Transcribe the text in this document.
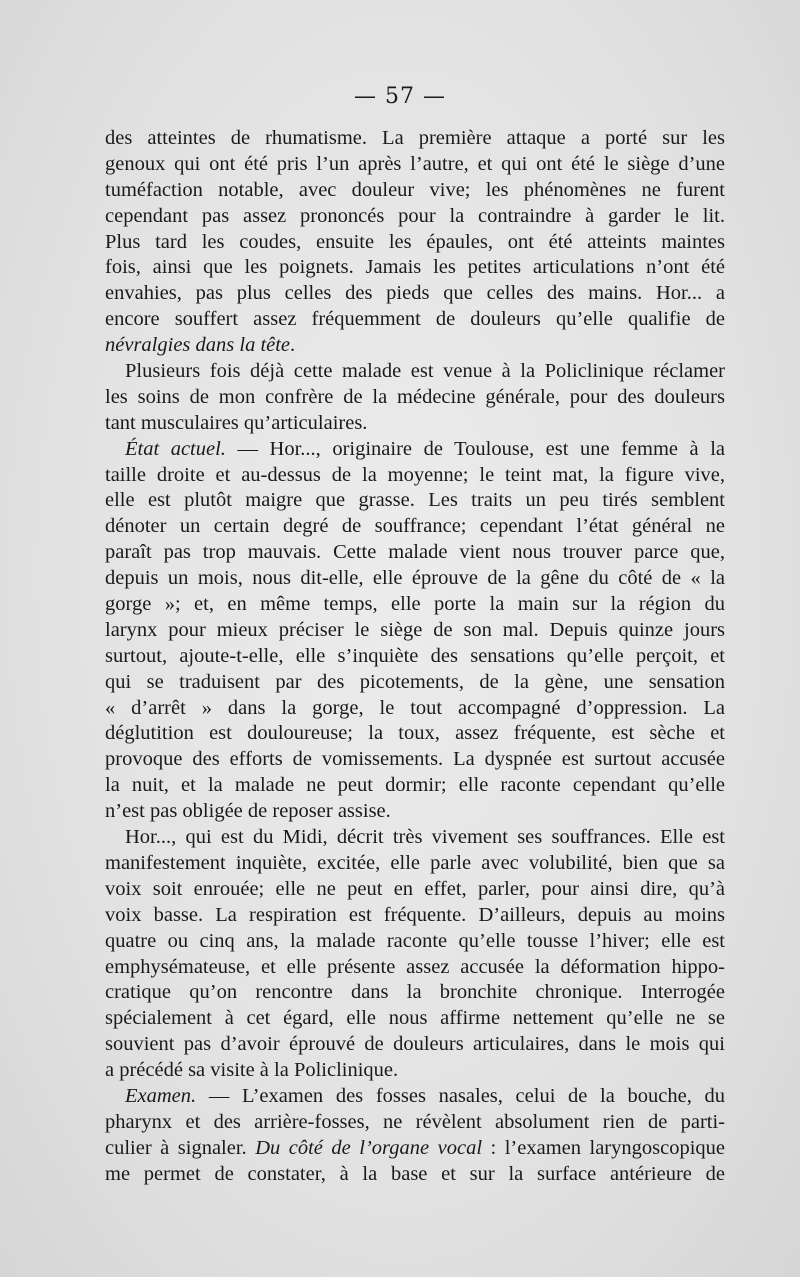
— 57 —
des atteintes de rhumatisme. La première attaque a porté sur les
genoux qui ont été pris l’un après l’autre, et qui ont été le siège d’une
tuméfaction notable, avec douleur vive; les phénomènes ne furent
cependant pas assez prononcés pour la contraindre à garder le lit.
Plus tard les coudes, ensuite les épaules, ont été atteints maintes
fois, ainsi que les poignets. Jamais les petites articulations n’ont été
envahies, pas plus celles des pieds que celles des mains. Hor... a
encore souffert assez fréquemment de douleurs qu’elle qualifie de
névralgies dans la tête.
Plusieurs fois déjà cette malade est venue à la Policlinique réclamer
les soins de mon confrère de la médecine générale, pour des douleurs
tant musculaires qu’articulaires.
État actuel. — Hor..., originaire de Toulouse, est une femme à la
taille droite et au-dessus de la moyenne; le teint mat, la figure vive,
elle est plutôt maigre que grasse. Les traits un peu tirés semblent
dénoter un certain degré de souffrance; cependant l’état général ne
paraît pas trop mauvais. Cette malade vient nous trouver parce que,
depuis un mois, nous dit-elle, elle éprouve de la gêne du côté de « la
gorge »; et, en même temps, elle porte la main sur la région du
larynx pour mieux préciser le siège de son mal. Depuis quinze jours
surtout, ajoute-t-elle, elle s’inquiète des sensations qu’elle perçoit, et
qui se traduisent par des picotements, de la gène, une sensation
« d’arrêt » dans la gorge, le tout accompagné d’oppression. La
déglutition est douloureuse; la toux, assez fréquente, est sèche et
provoque des efforts de vomissements. La dyspnée est surtout accusée
la nuit, et la malade ne peut dormir; elle raconte cependant qu’elle
n’est pas obligée de reposer assise.
Hor..., qui est du Midi, décrit très vivement ses souffrances. Elle est
manifestement inquiète, excitée, elle parle avec volubilité, bien que sa
voix soit enrouée; elle ne peut en effet, parler, pour ainsi dire, qu’à
voix basse. La respiration est fréquente. D’ailleurs, depuis au moins
quatre ou cinq ans, la malade raconte qu’elle tousse l’hiver; elle est
emphysémateuse, et elle présente assez accusée la déformation hippo-
cratique qu’on rencontre dans la bronchite chronique. Interrogée
spécialement à cet égard, elle nous affirme nettement qu’elle ne se
souvient pas d’avoir éprouvé de douleurs articulaires, dans le mois qui
a précédé sa visite à la Policlinique.
Examen. — L’examen des fosses nasales, celui de la bouche, du
pharynx et des arrière-fosses, ne révèlent absolument rien de parti-
culier à signaler. Du côté de l’organe vocal : l’examen laryngoscopique
me permet de constater, à la base et sur la surface antérieure de
